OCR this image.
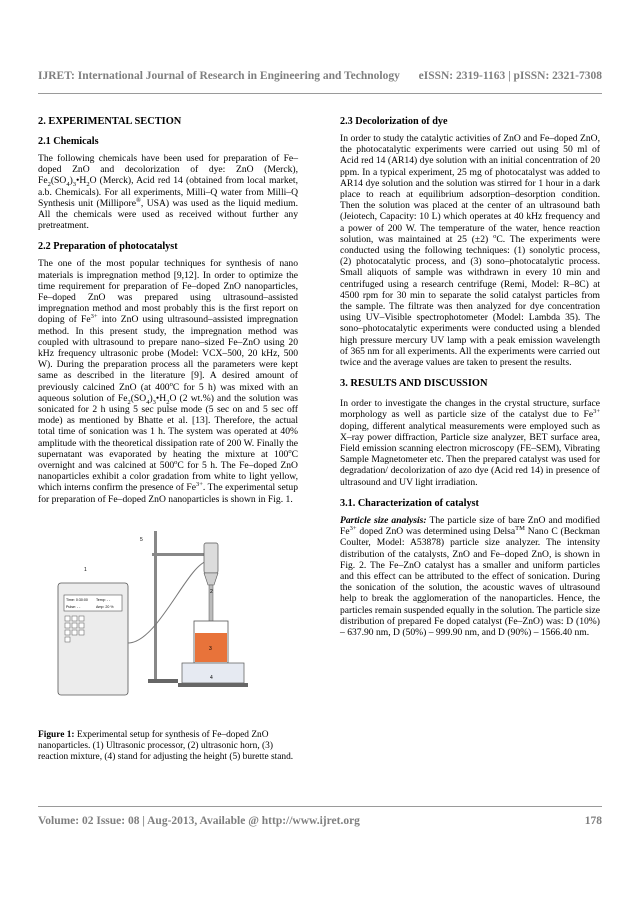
IJRET: International Journal of Research in Engineering and Technology eISSN: 2319-1163 | pISSN: 2321-7308
2. EXPERIMENTAL SECTION
2.1 Chemicals

The following chemicals have been used for preparation of Fe–doped ZnO and decolorization of dye: ZnO (Merck), $Fe_2(SO_4)_3•H_2O$ (Merck), Acid red 14 (obtained from local market, a.b. Chemicals). For all experiments, Milli–Q water from Milli–Q Synthesis unit (Millipore®, USA) was used as the liquid medium. All the chemicals were used as received without further any pretreatment.

2.2 Preparation of photocatalyst

The one of the most popular techniques for synthesis of nano materials is impregnation method [9,12]. In order to optimize the time requirement for preparation of Fe–doped ZnO nanoparticles, Fe–doped ZnO was prepared using ultrasound–assisted impregnation method and most probably this is the first report on doping of $Fe^{3+}$ into ZnO using ultrasound–assisted impregnation method. In this present study, the impregnation method was coupled with ultrasound to prepare nano–sized Fe–ZnO using 20 kHz frequency ultrasonic probe (Model: VCX–500, 20 kHz, 500 W). During the preparation process all the parameters were kept same as described in the literature [9]. A desired amount of previously calcined ZnO (at 400$^o$C for 5 h) was mixed with an aqueous solution of $Fe_2(SO_4)_3•H_2O$ (2 wt.%) and the solution was sonicated for 2 h using 5 sec pulse mode (5 sec on and 5 sec off mode) as mentioned by Bhatte et al. [13]. Therefore, the actual total time of sonication was 1 h. The system was operated at 40% amplitude with the theoretical dissipation rate of 200 W. Finally the supernatant was evaporated by heating the mixture at 100$^o$C overnight and was calcined at 500$^o$C for 5 h. The Fe–doped ZnO nanoparticles exhibit a color gradation from white to light yellow, which interns confirm the presence of $Fe^{3+}$. The experimental setup for preparation of Fe–doped ZnO nanoparticles is shown in Fig. 1.

5
Time: 0:30:00 Temp: - -
Pulse: - -	Amp: 20 %
1
2
3
4

Figure 1: Experimental setup for synthesis of Fe–doped ZnO nanoparticles. (1) Ultrasonic processor, (2) ultrasonic horn, (3) reaction mixture, (4) stand for adjusting the height (5) burette stand.

2.3 Decolorization of dye

In order to study the catalytic activities of ZnO and Fe–doped ZnO, the photocatalytic experiments were carried out using 50 ml of Acid red 14 (AR14) dye solution with an initial concentration of 20 ppm. In a typical experiment, 25 mg of photocatalyst was added to AR14 dye solution and the solution was stirred for 1 hour in a dark place to reach at equilibrium adsorption–desorption condition. Then the solution was placed at the center of an ultrasound bath (Jeiotech, Capacity: 10 L) which operates at 40 kHz frequency and a power of 200 W. The temperature of the water, hence reaction solution, was maintained at 25 (±2) $^o$C. The experiments were conducted using the following techniques: (1) sonolytic process, (2) photocatalytic process, and (3) sono–photocatalytic process. Small aliquots of sample was withdrawn in every 10 min and centrifuged using a research centrifuge (Remi, Model: R–8C) at 4500 rpm for 30 min to separate the solid catalyst particles from the sample. The filtrate was then analyzed for dye concentration using UV–Visible spectrophotometer (Model: Lambda 35). The sono–photocatalytic experiments were conducted using a blended high pressure mercury UV lamp with a peak emission wavelength of 365 nm for all experiments. All the experiments were carried out twice and the average values are taken to present the results.

3. RESULTS AND DISCUSSION

In order to investigate the changes in the crystal structure, surface morphology as well as particle size of the catalyst due to $Fe^{3+}$ doping, different analytical measurements were employed such as X–ray power diffraction, Particle size analyzer, BET surface area, Field emission scanning electron microscopy (FE–SEM), Vibrating Sample Magnetometer etc. Then the prepared catalyst was used for degradation/ decolorization of azo dye (Acid red 14) in presence of ultrasound and UV light irradiation.

3.1. Characterization of catalyst

Particle size analysis: The particle size of bare ZnO and modified $Fe^{3+}$ doped ZnO was determined using Delsa™ Nano C (Beckman Coulter, Model: A53878) particle size analyzer. The intensity distribution of the catalysts, ZnO and Fe–doped ZnO, is shown in Fig. 2. The Fe–ZnO catalyst has a smaller and uniform particles and this effect can be attributed to the effect of sonication. During the sonication of the solution, the acoustic waves of ultrasound help to break the agglomeration of the nanoparticles. Hence, the particles remain suspended equally in the solution. The particle size distribution of prepared Fe doped catalyst (Fe–ZnO) was: D (10%) – 637.90 nm, D (50%) – 999.90 nm, and D (90%) – 1566.40 nm.

Volume: 02 Issue: 08 | Aug-2013, Available @ http://www.ijret.org	178
